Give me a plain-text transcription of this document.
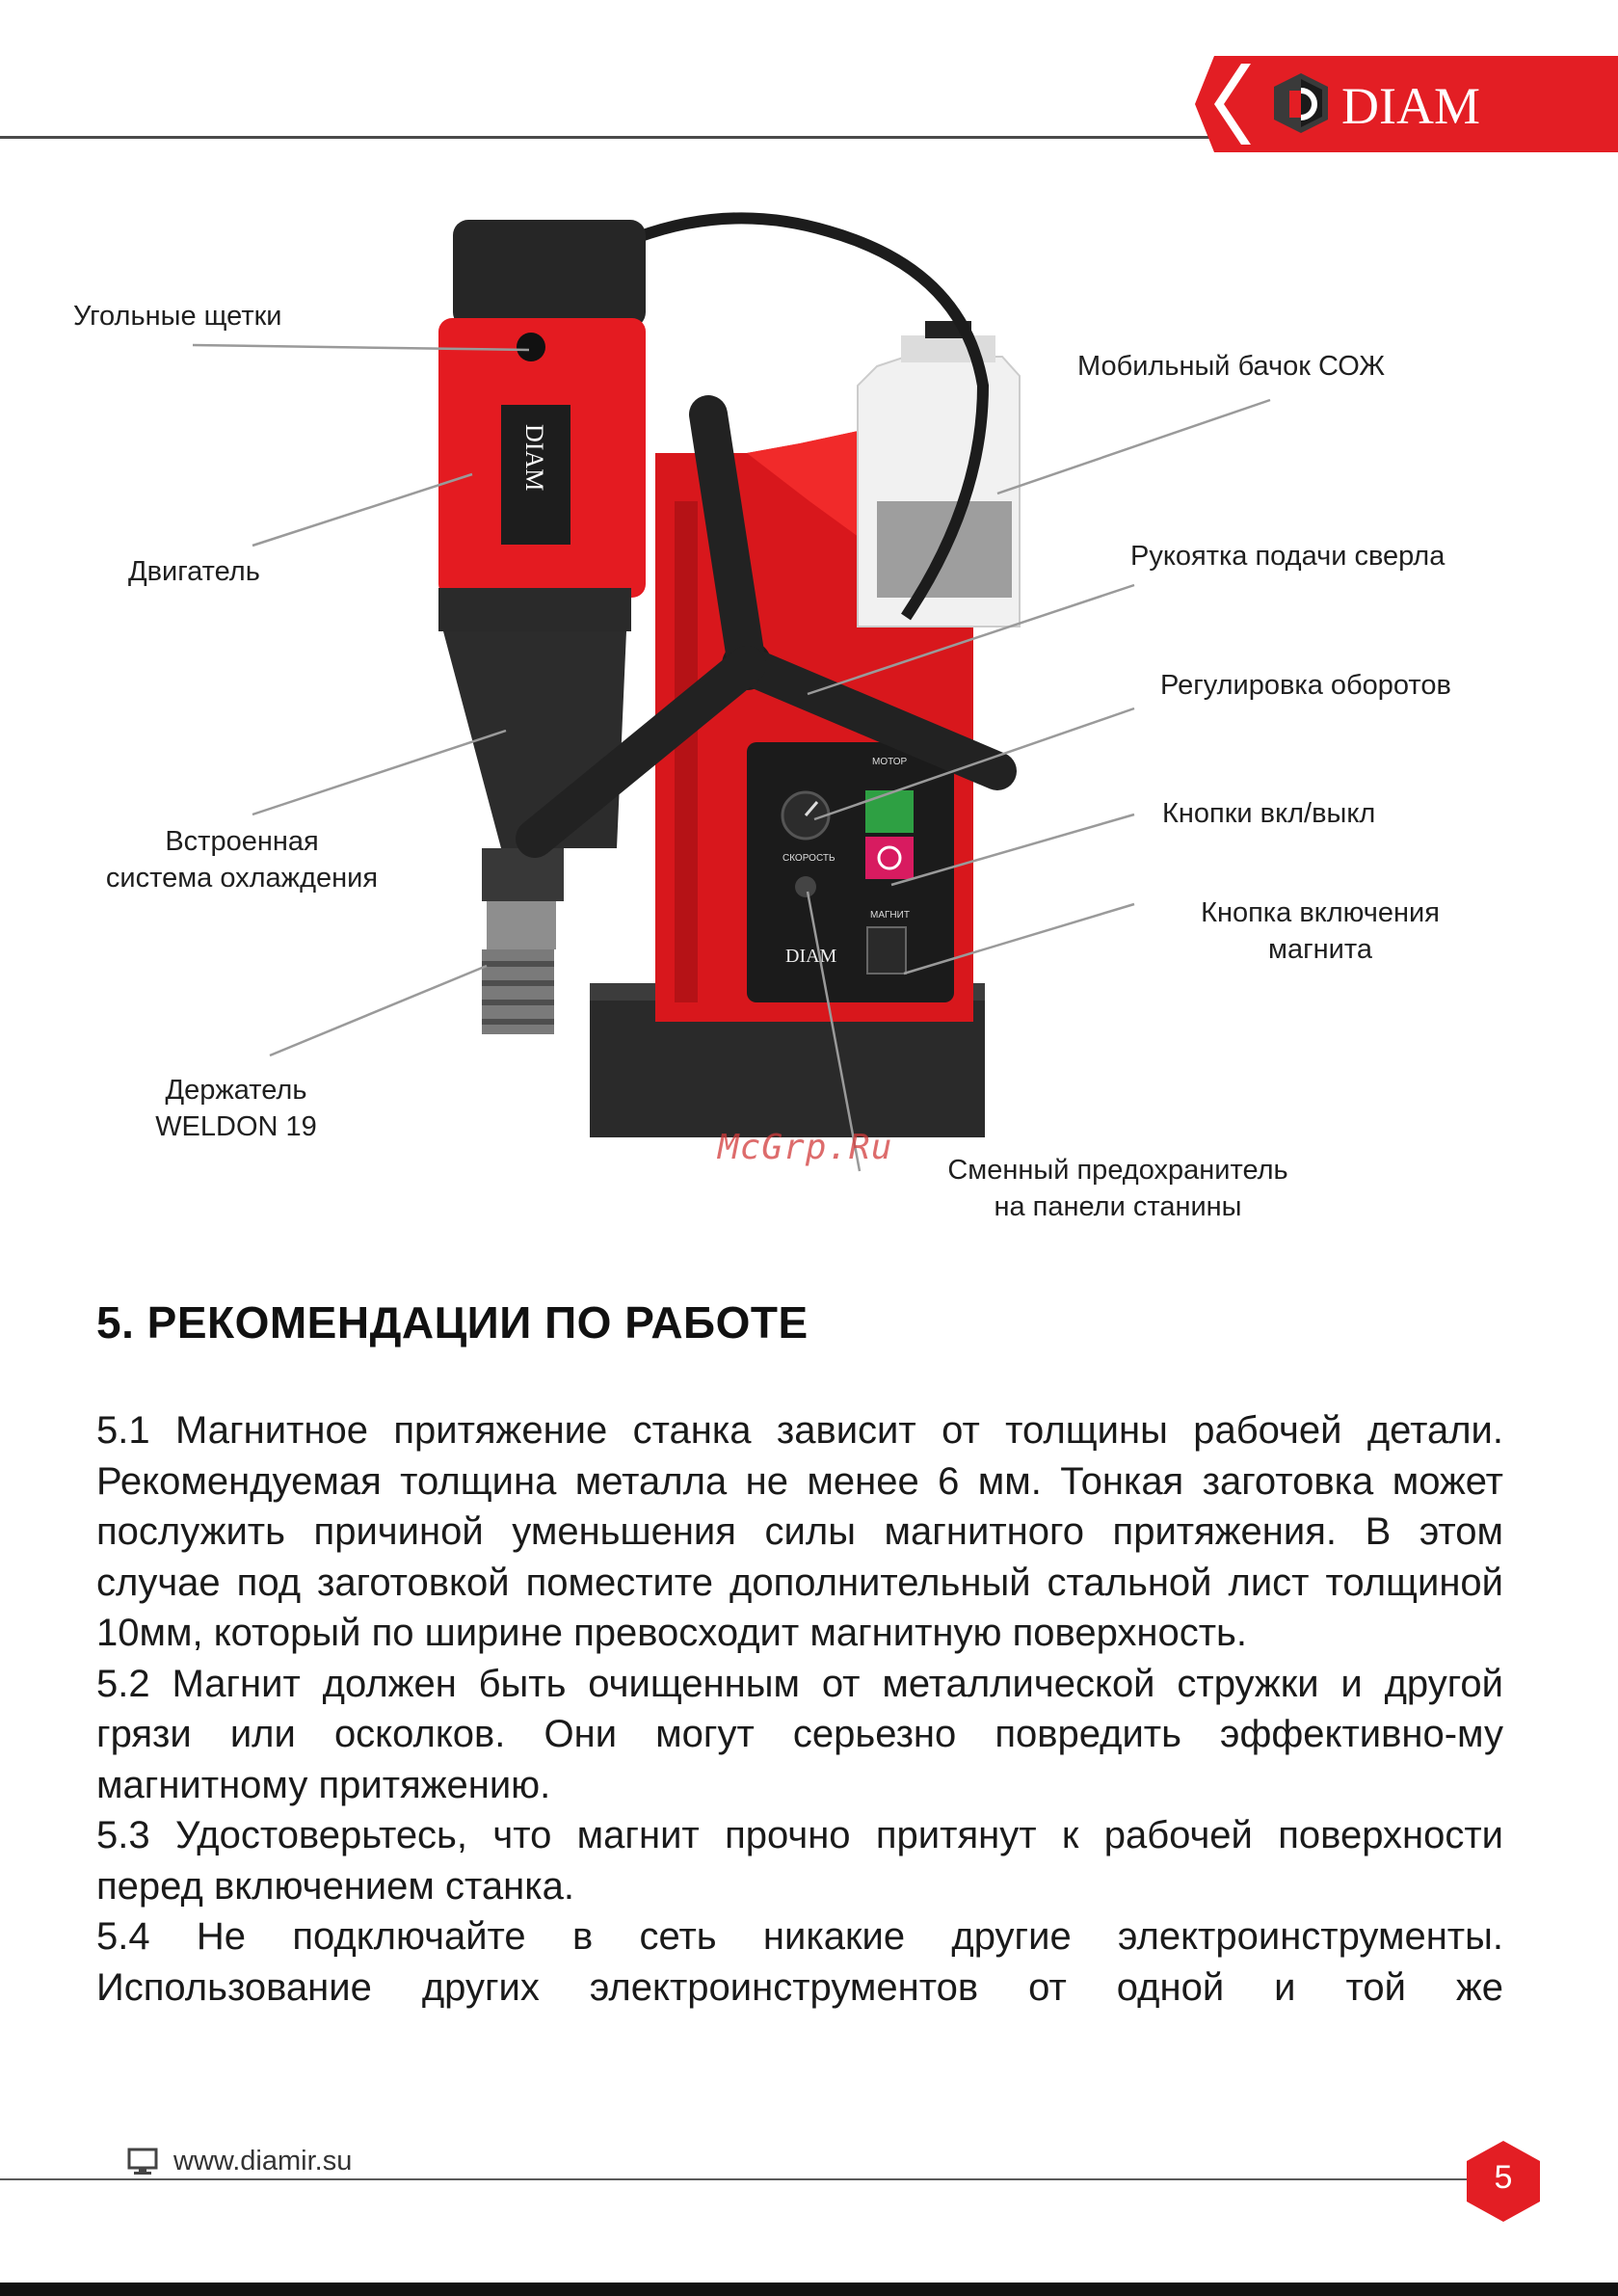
DIAM
МОТОР
СКОРОСТЬ
МАГНИТ
DIAM
DIAM
Угольные щетки
Двигатель
Встроенная
система охлаждения
Держатель
WELDON 19
Мобильный бачок СОЖ
Рукоятка подачи сверла
Регулировка оборотов
Кнопки вкл/выкл
Кнопка включения
магнита
Сменный предохранитель
на панели станины
McGrp.Ru
5. РЕКОМЕНДАЦИИ ПО РАБОТЕ

5.1 Магнитное притяжение станка зависит от толщины рабочей детали. Рекомендуемая толщина металла не менее 6 мм. Тонкая заготовка может послужить причиной уменьшения силы магнитного притяжения. В этом случае под заготовкой поместите дополнительный стальной лист толщиной 10мм, который по ширине превосходит магнитную поверхность.

5.2 Магнит должен быть очищенным от металлической стружки и другой грязи или осколков. Они могут серьезно повредить эффективно-му магнитному притяжению.

5.3 Удостоверьтесь, что магнит прочно притянут к рабочей поверхности перед включением станка.

5.4 Не подключайте в сеть никакие другие электроинструменты. Использование других электроинструментов от одной и той же

www.diamir.su	5
